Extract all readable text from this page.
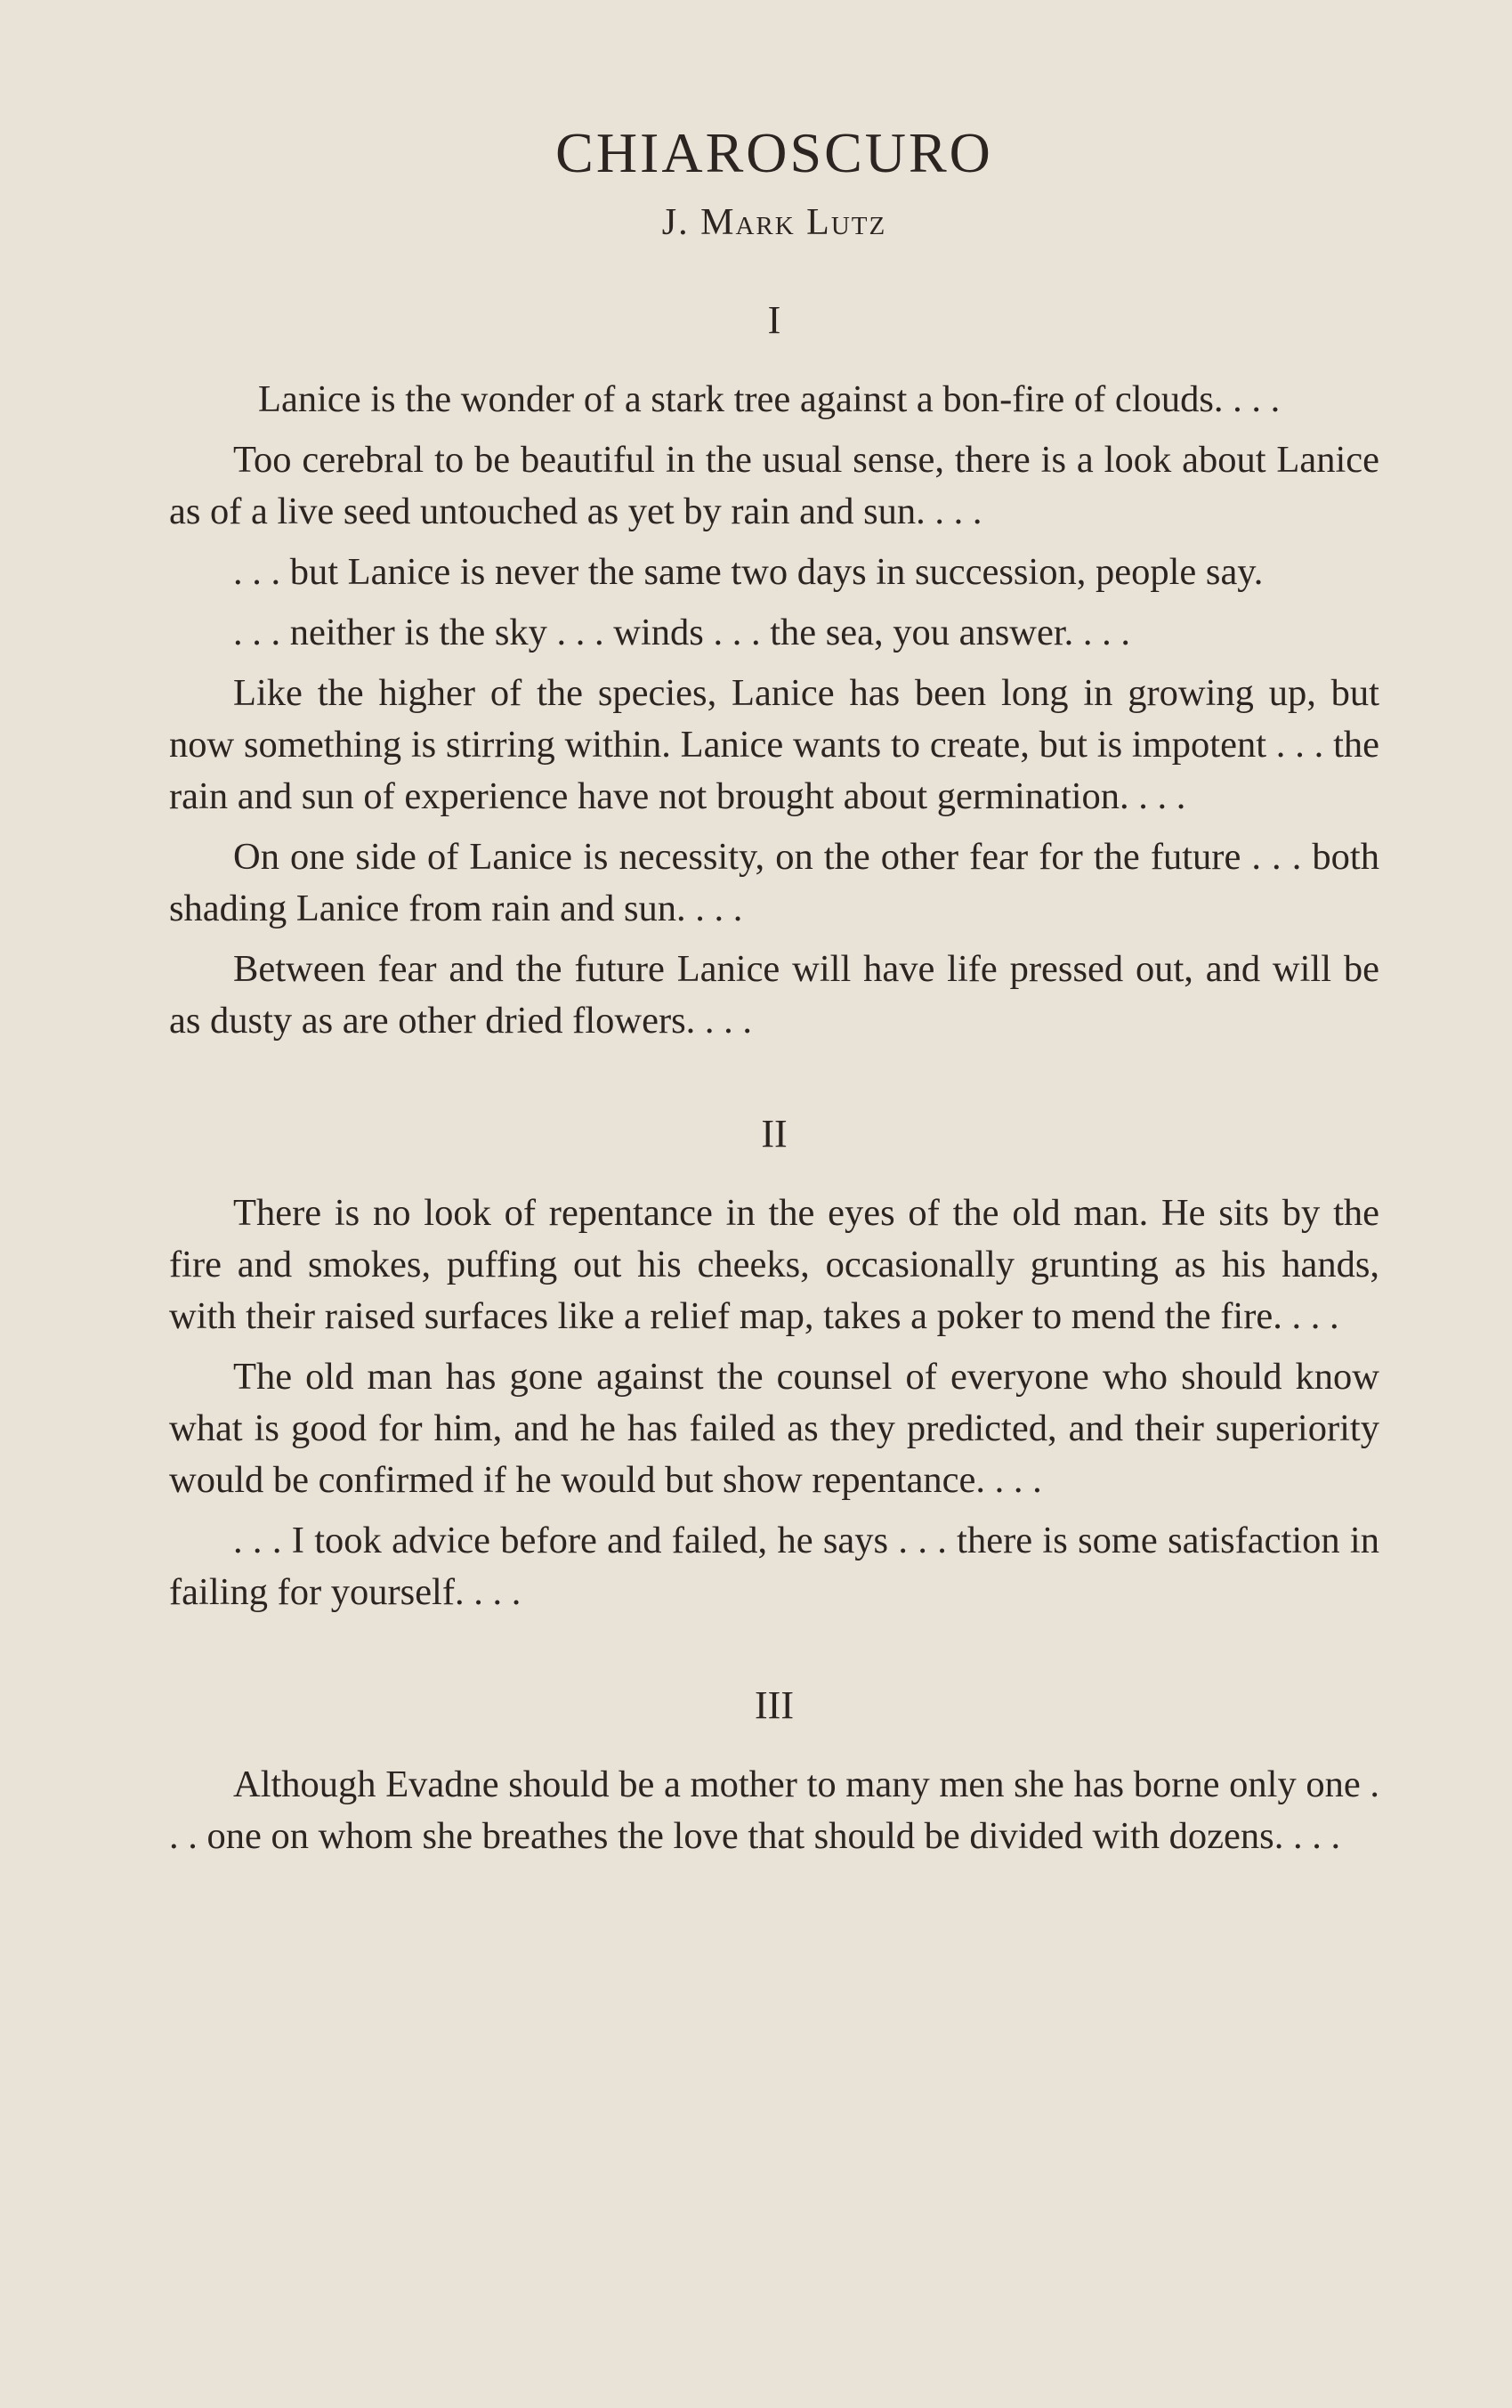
CHIAROSCURO
J. Mark Lutz
I

Lanice is the wonder of a stark tree against a bon-fire of clouds. . . .

Too cerebral to be beautiful in the usual sense, there is a look about Lanice as of a live seed untouched as yet by rain and sun. . . .

. . . but Lanice is never the same two days in succession, people say.

. . . neither is the sky . . . winds . . . the sea, you answer. . . .

Like the higher of the species, Lanice has been long in growing up, but now something is stirring within. Lanice wants to create, but is impotent . . . the rain and sun of experience have not brought about germination. . . .

On one side of Lanice is necessity, on the other fear for the future . . . both shading Lanice from rain and sun. . . .

Between fear and the future Lanice will have life pressed out, and will be as dusty as are other dried flowers. . . .

II

There is no look of repentance in the eyes of the old man. He sits by the fire and smokes, puffing out his cheeks, occasionally grunting as his hands, with their raised surfaces like a relief map, takes a poker to mend the fire. . . .

The old man has gone against the counsel of everyone who should know what is good for him, and he has failed as they predicted, and their superiority would be confirmed if he would but show repentance. . . .

. . . I took advice before and failed, he says . . . there is some satisfaction in failing for yourself. . . .

III

Although Evadne should be a mother to many men she has borne only one . . . one on whom she breathes the love that should be divided with dozens. . . .
